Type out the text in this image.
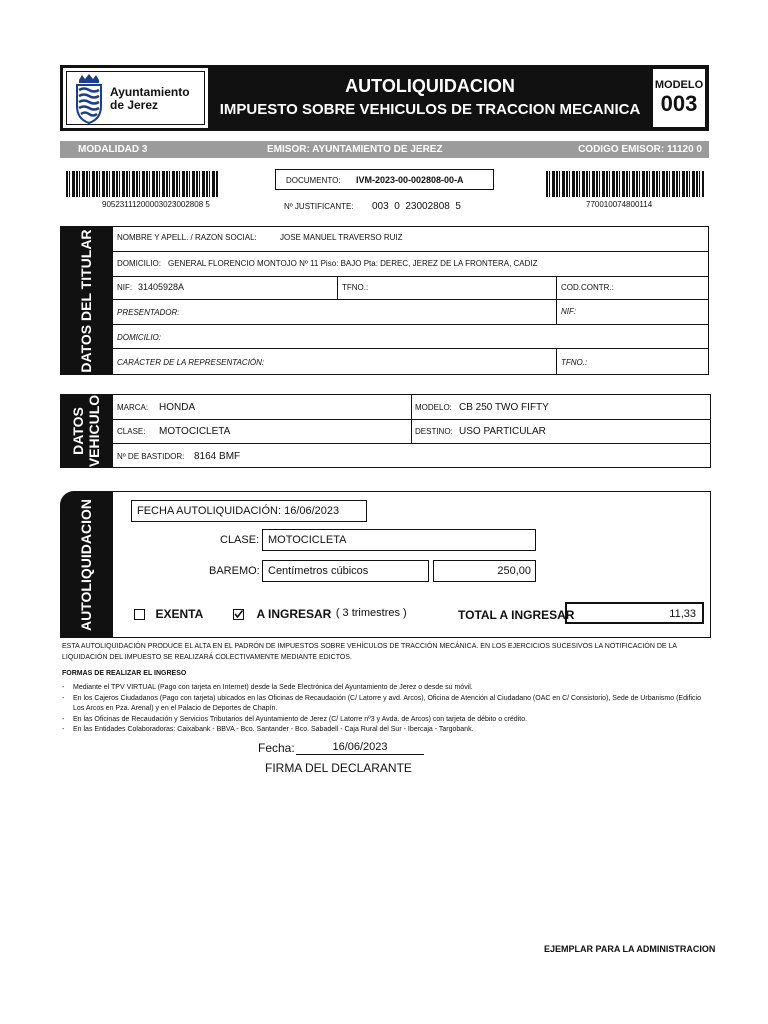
Ayuntamiento
de Jerez
AUTOLIQUIDACION
IMPUESTO SOBRE VEHICULOS DE TRACCION MECANICA
MODELO
003
MODALIDAD 3	EMISOR: AYUNTAMIENTO DE JEREZ	CODIGO EMISOR: 11120 0
90523111200003023002808 5
DOCUMENTO: IVM-2023-00-002808-00-A
Nº JUSTIFICANTE: 003  0  23002808  5	770010074800114
DATOS DEL TITULAR	NOMBRE Y APELL. / RAZON SOCIAL:	JOSE MANUEL TRAVERSO RUIZ
DOMICILIO: GENERAL FLORENCIO MONTOJO Nº 11 Piso: BAJO Pta: DEREC, JEREZ DE LA FRONTERA, CADIZ
NIF: 31405928A	TFNO.:	COD.CONTR.:
PRESENTADOR:	NIF:
DOMICILIO:
CARÁCTER DE LA REPRESENTACIÓN:	TFNO.:
DATOS
VEHICULO MARCA: HONDA	MODELO: CB 250 TWO FIFTY
CLASE: MOTOCICLETA	DESTINO: USO PARTICULAR
Nº DE BASTIDOR: 8164 BMF
AUTOLIQUIDACION	FECHA AUTOLIQUIDACIÓN: 16/06/2023
CLASE: MOTOCICLETA
BAREMO: Centímetros cúbicos	250,00
$^{EXENTA}$	$^{A INGRESAR}$ $^{( 3 trimestres )}$	TOTAL A INGRESAR	11,33
ESTA AUTOLIQUIDACIÓN PRODUCE EL ALTA EN EL PADRÓN DE IMPUESTOS SOBRE VEHÍCULOS DE TRACCIÓN MECÁNICA. EN LOS EJERCICIOS SUCESIVOS LA NOTIFICACIÓN DE LA LIQUIDACIÓN DEL IMPUESTO SE REALIZARÁ COLECTIVAMENTE MEDIANTE EDICTOS.
FORMAS DE REALIZAR EL INGRESO
-	Mediante el TPV VIRTUAL (Pago con tarjeta en Internet) desde la Sede Electrónica del Ayuntamiento de Jerez o desde su móvil.
-	En los Cajeros Ciudadanos (Pago con tarjeta) ubicados en las Oficinas de Recaudación (C/ Latorre y avd. Arcos), Oficina de Atención al Ciudadano (OAC en C/ Consistorio), Sede de Urbanismo (Edificio Los Arcos en Pza. Arenal) y en el Palacio de Deportes de Chapín.
-	En las Oficinas de Recaudación y Servicios Tributarios del Ayuntamiento de Jerez (C/ Latorre nº3 y Avda. de Arcos) con tarjeta de débito o crédito.
-	En las Entidades Colaboradoras: Caixabank - BBVA - Bco. Santander - Bco. Sabadell - Caja Rural del Sur - Ibercaja - Targobank.
Fecha:	16/06/2023
FIRMA DEL DECLARANTE
EJEMPLAR PARA LA ADMINISTRACION
